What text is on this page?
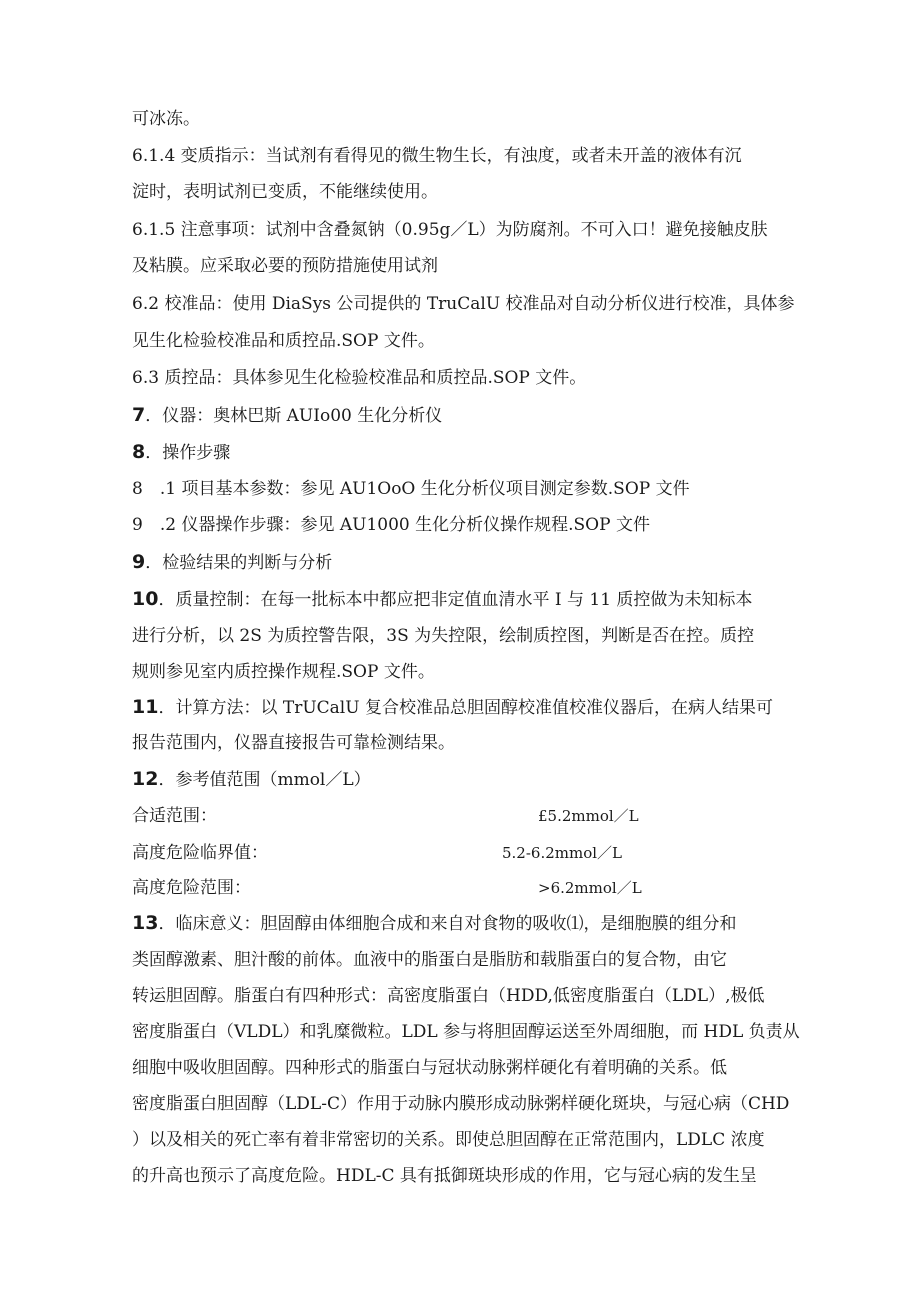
可冰冻。
6.1.4 变质指示：当试剂有看得见的微生物生长，有浊度，或者未开盖的液体有沉
淀时，表明试剂已变质，不能继续使用。
6.1.5 注意事项：试剂中含叠氮钠（0.95g／L）为防腐剂。不可入口！避免接触皮肤
及粘膜。应采取必要的预防措施使用试剂
6.2 校准品：使用 DiaSys 公司提供的 TruCalU 校准品对自动分析仪进行校准，具体参
见生化检验校准品和质控品.SOP 文件。
6.3 质控品：具体参见生化检验校准品和质控品.SOP 文件。
7．仪器：奥林巴斯 AUIo00 生化分析仪
8．操作步骤
8　.1 项目基本参数：参见 AU1OoO 生化分析仪项目测定参数.SOP 文件
9　.2 仪器操作步骤：参见 AU1000 生化分析仪操作规程.SOP 文件
9．检验结果的判断与分析
10．质量控制：在每一批标本中都应把非定值血清水平 I 与 11 质控做为未知标本
进行分析，以 2S 为质控警告限，3S 为失控限，绘制质控图，判断是否在控。质控
规则参见室内质控操作规程.SOP 文件。
11．计算方法：以 TrUCalU 复合校准品总胆固醇校准值校准仪器后，在病人结果可
报告范围内，仪器直接报告可靠检测结果。
12．参考值范围（mmol／L）
合适范围：	£5.2mmol／L
高度危险临界值：	5.2-6.2mmol／L
高度危险范围：	>6.2mmol／L
13．临床意义：胆固醇由体细胞合成和来自对食物的吸收⑴，是细胞膜的组分和
类固醇激素、胆汁酸的前体。血液中的脂蛋白是脂肪和载脂蛋白的复合物，由它
转运胆固醇。脂蛋白有四种形式：高密度脂蛋白（HDD,低密度脂蛋白（LDL）,极低
密度脂蛋白（VLDL）和乳糜微粒。LDL 参与将胆固醇运送至外周细胞，而 HDL 负责从
细胞中吸收胆固醇。四种形式的脂蛋白与冠状动脉粥样硬化有着明确的关系。低
密度脂蛋白胆固醇（LDL-C）作用于动脉内膜形成动脉粥样硬化斑块，与冠心病（CHD
）以及相关的死亡率有着非常密切的关系。即使总胆固醇在正常范围内，LDLC 浓度
的升高也预示了高度危险。HDL-C 具有抵御斑块形成的作用，它与冠心病的发生呈
